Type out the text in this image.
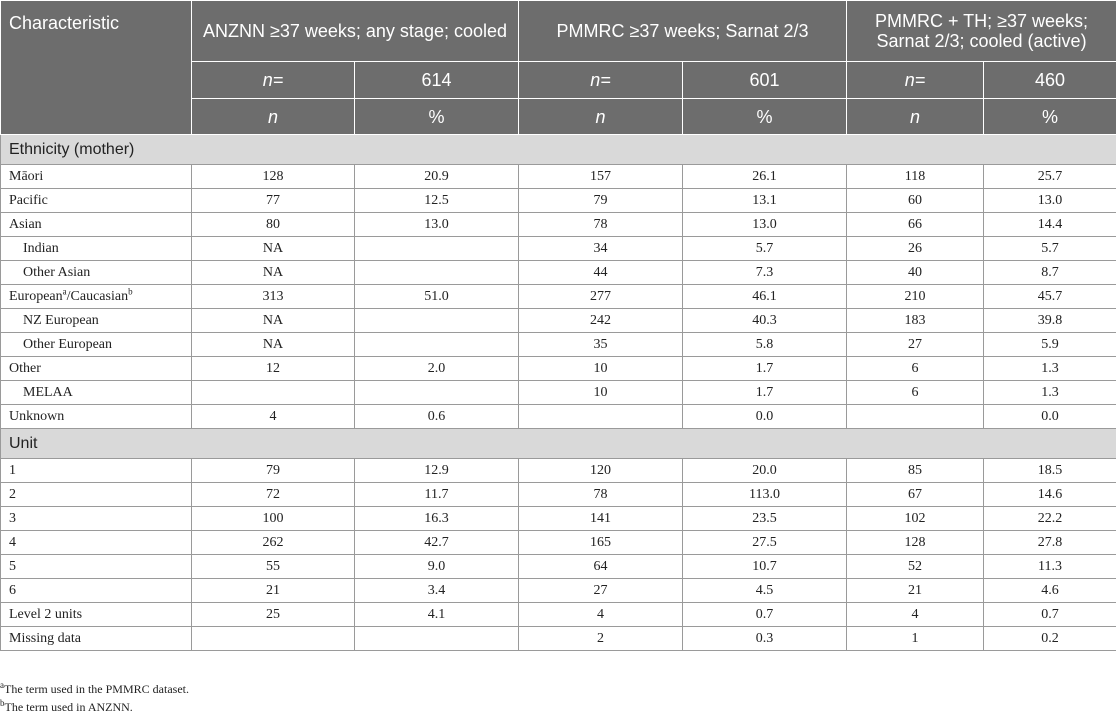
Characteristic	ANZNN ≥37 weeks; any stage; cooled		PMMRC ≥37 weeks; Sarnat 2/3		PMMRC + TH; ≥37 weeks; Sarnat 2/3; cooled (active)	
	n=	614	n=	601	n=	460
	n	%	n	%	n	%
Ethnicity (mother)						
Māori	128	20.9	157	26.1	118	25.7
Pacific	77	12.5	79	13.1	60	13.0
Asian	80	13.0	78	13.0	66	14.4
Indian	NA		34	5.7	26	5.7
Other Asian	NA		44	7.3	40	8.7
European$^a$/Caucasian$^b$	313	51.0	277	46.1	210	45.7
NZ European	NA		242	40.3	183	39.8
Other European	NA		35	5.8	27	5.9
Other	12	2.0	10	1.7	6	1.3
MELAA			10	1.7	6	1.3
Unknown	4	0.6		0.0		0.0
Unit						
1	79	12.9	120	20.0	85	18.5
2	72	11.7	78	113.0	67	14.6
3	100	16.3	141	23.5	102	22.2
4	262	42.7	165	27.5	128	27.8
5	55	9.0	64	10.7	52	11.3
6	21	3.4	27	4.5	21	4.6
Level 2 units	25	4.1	4	0.7	4	0.7
Missing data			2	0.3	1	0.2
$^a$The term used in the PMMRC dataset.
$^b$The term used in ANZNN.
